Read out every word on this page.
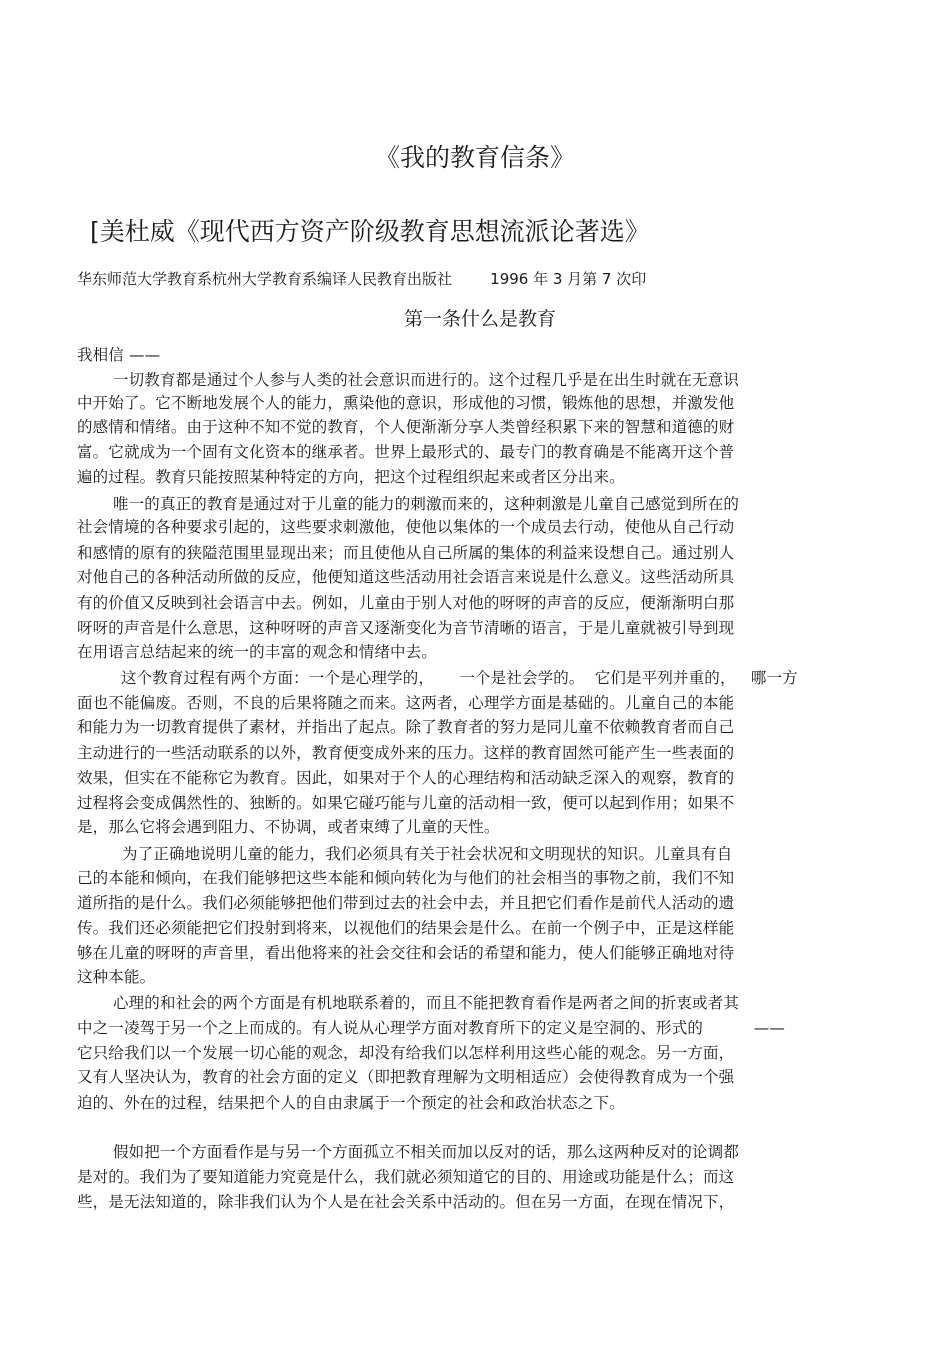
《我的教育信条》
[美杜威《现代西方资产阶级教育思想流派论著选》
华东师范大学教育系杭州大学教育系编译人民教育出版社        1996 年 3 月第 7 次印
第一条什么是教育
我相信 ——
一切教育都是通过个人参与人类的社会意识而进行的。这个过程几乎是在出生时就在无意识
中开始了。它不断地发展个人的能力，熏染他的意识，形成他的习惯，锻炼他的思想，并激发他
的感情和情绪。由于这种不知不觉的教育，个人便渐渐分享人类曾经积累下来的智慧和道德的财
富。它就成为一个固有文化资本的继承者。世界上最形式的、最专门的教育确是不能离开这个普
遍的过程。教育只能按照某种特定的方向，把这个过程组织起来或者区分出来。
唯一的真正的教育是通过对于儿童的能力的刺激而来的，这种刺激是儿童自己感觉到所在的
社会情境的各种要求引起的，这些要求刺激他，使他以集体的一个成员去行动，使他从自己行动
和感情的原有的狭隘范围里显现出来；而且使他从自己所属的集体的利益来设想自己。通过别人
对他自己的各种活动所做的反应，他便知道这些活动用社会语言来说是什么意义。这些活动所具
有的价值又反映到社会语言中去。例如，儿童由于别人对他的呀呀的声音的反应，便渐渐明白那
呀呀的声音是什么意思，这种呀呀的声音又逐渐变化为音节清晰的语言，于是儿童就被引导到现
在用语言总结起来的统一的丰富的观念和情绪中去。
这个教育过程有两个方面：一个是心理学的，     一个是社会学的。  它们是平列并重的，   哪一方
面也不能偏废。否则，不良的后果将随之而来。这两者，心理学方面是基础的。儿童自己的本能
和能力为一切教育提供了素材，并指出了起点。除了教育者的努力是同儿童不依赖教育者而自己
主动进行的一些活动联系的以外，教育便变成外来的压力。这样的教育固然可能产生一些表面的
效果，但实在不能称它为教育。因此，如果对于个人的心理结构和活动缺乏深入的观察，教育的
过程将会变成偶然性的、独断的。如果它碰巧能与儿童的活动相一致，便可以起到作用；如果不
是，那么它将会遇到阻力、不协调，或者束缚了儿童的天性。
为了正确地说明儿童的能力，我们必须具有关于社会状况和文明现状的知识。儿童具有自
己的本能和倾向，在我们能够把这些本能和倾向转化为与他们的社会相当的事物之前，我们不知
道所指的是什么。我们必须能够把他们带到过去的社会中去，并且把它们看作是前代人活动的遗
传。我们还必须能把它们投射到将来，以视他们的结果会是什么。在前一个例子中，正是这样能
够在儿童的呀呀的声音里，看出他将来的社会交往和会话的希望和能力，使人们能够正确地对待
这种本能。
心理的和社会的两个方面是有机地联系着的，而且不能把教育看作是两者之间的折衷或者其
中之一凌驾于另一个之上而成的。有人说从心理学方面对教育所下的定义是空洞的、形式的          ——
它只给我们以一个发展一切心能的观念，却没有给我们以怎样利用这些心能的观念。另一方面，
又有人坚决认为，教育的社会方面的定义（即把教育理解为文明相适应）会使得教育成为一个强
迫的、外在的过程，结果把个人的自由隶属于一个预定的社会和政治状态之下。
假如把一个方面看作是与另一个方面孤立不相关而加以反对的话，那么这两种反对的论调都
是对的。我们为了要知道能力究竟是什么，我们就必须知道它的目的、用途或功能是什么；而这
些，是无法知道的，除非我们认为个人是在社会关系中活动的。但在另一方面，在现在情况下，
